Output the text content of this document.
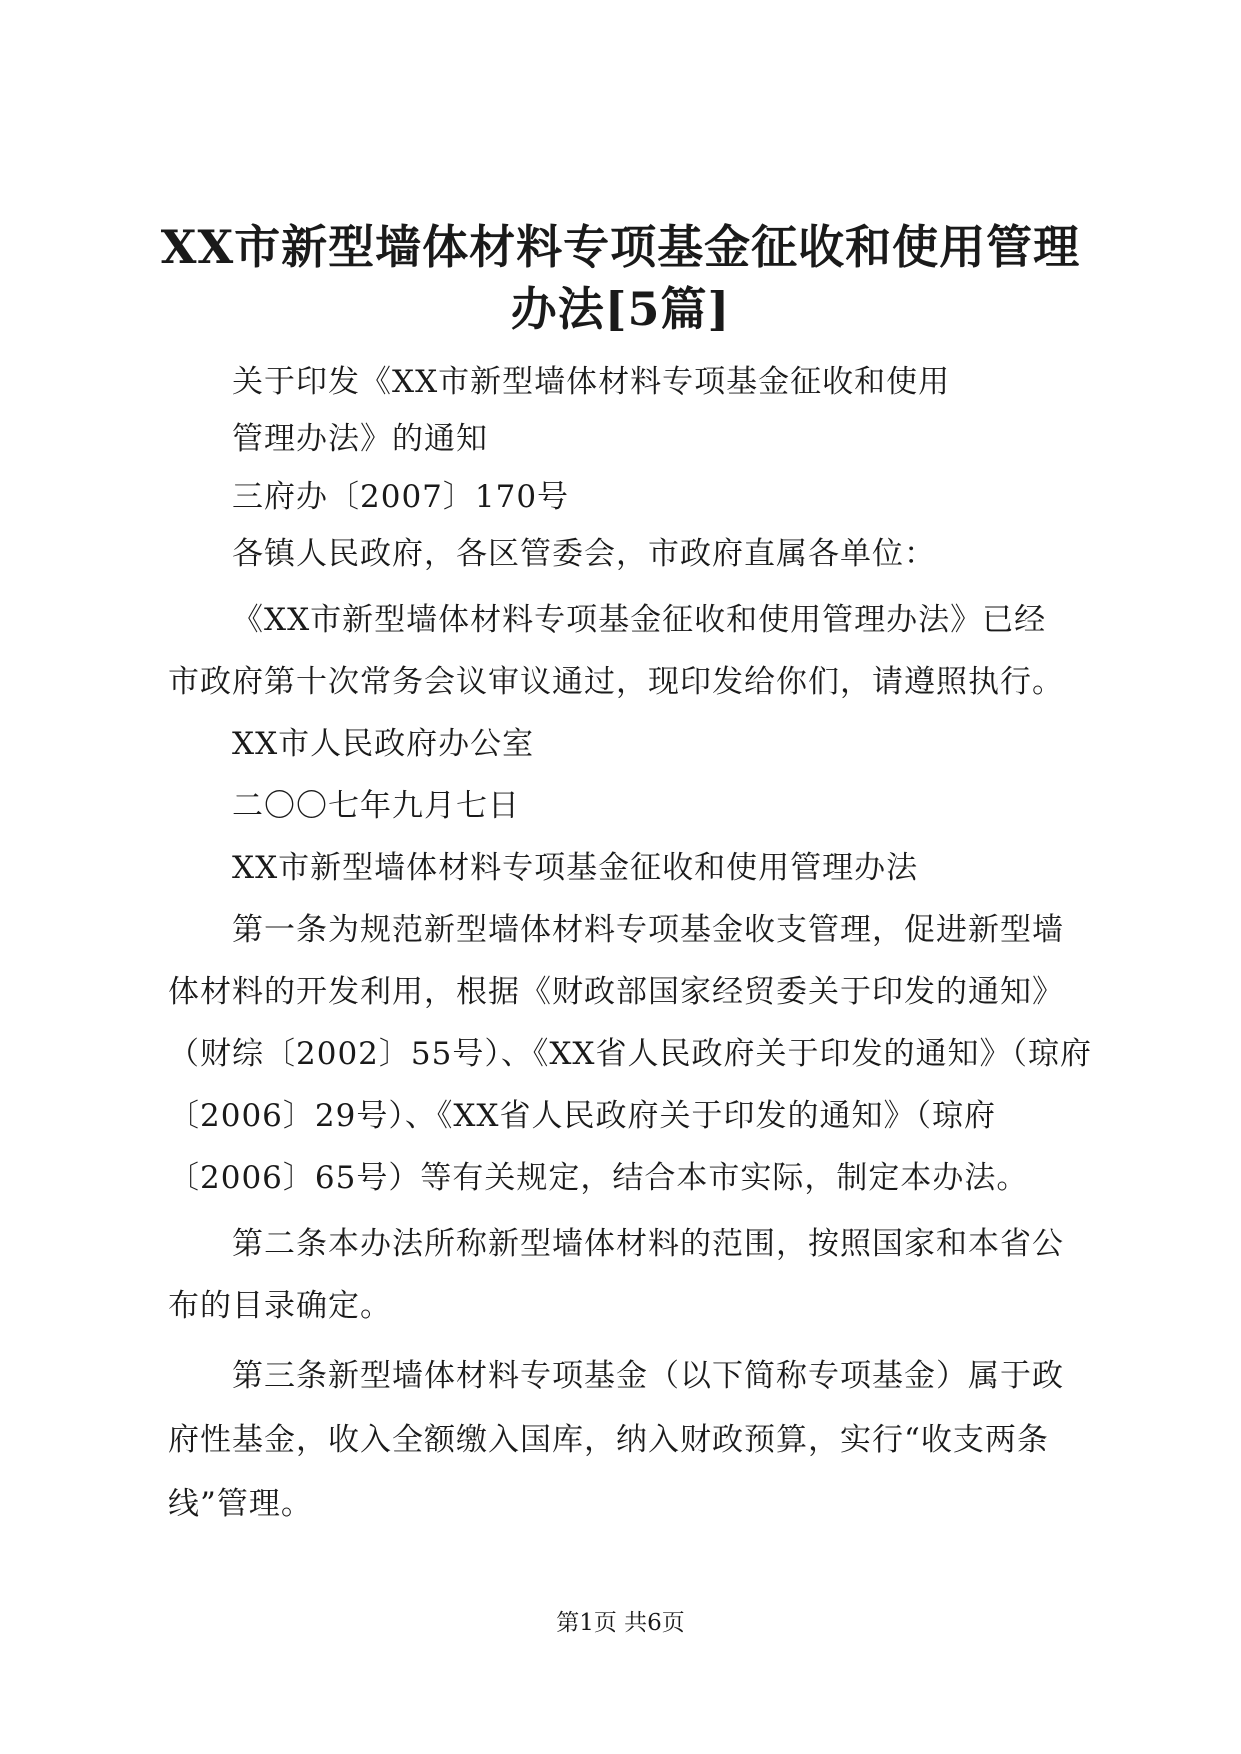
XX市新型墙体材料专项基金征收和使用管理
办法[5篇]
关于印发《XX市新型墙体材料专项基金征收和使用
管理办法》的通知
三府办〔2007〕170号
各镇人民政府，各区管委会，市政府直属各单位：
《XX市新型墙体材料专项基金征收和使用管理办法》已经
市政府第十次常务会议审议通过，现印发给你们，请遵照执行。
XX市人民政府办公室
二〇〇七年九月七日
XX市新型墙体材料专项基金征收和使用管理办法
第一条为规范新型墙体材料专项基金收支管理，促进新型墙
体材料的开发利用，根据《财政部国家经贸委关于印发的通知》
（财综〔2002〕55号）、《XX省人民政府关于印发的通知》（琼府
〔2006〕29号）、《XX省人民政府关于印发的通知》（琼府
〔2006〕65号）等有关规定，结合本市实际，制定本办法。
第二条本办法所称新型墙体材料的范围，按照国家和本省公
布的目录确定。
第三条新型墙体材料专项基金（以下简称专项基金）属于政
府性基金，收入全额缴入国库，纳入财政预算，实行“收支两条
线”管理。
第1页 共6页
